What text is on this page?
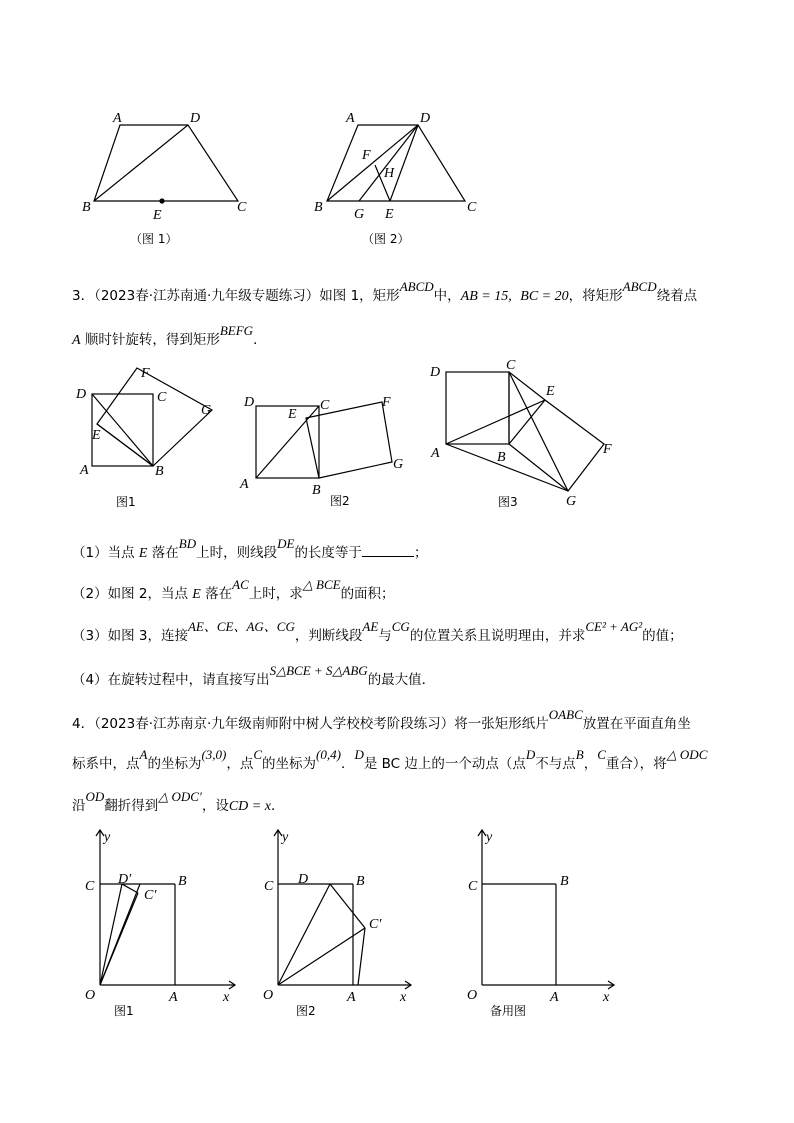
A	D
B
E
C
（图 1）
A	D
F
H
B G E	C
（图 2）
3．（2023春·江苏南通·九年级专题练习）如图 1，矩形ABCD中，AB = 15, BC = 20，将矩形ABCD绕着点
A 顺时针旋转，得到矩形BEFG．
D
F
C
G
E
A	B
图1
D
E
C	F
G
A	B
图2
D	C
E
F
A	B
G
图3
（1）当点 E 落在BD上时，则线段DE的长度等于	；
（2）如图 2，当点 E 落在AC上时，求△ BCE的面积；
（3）如图 3，连接AE、CE、AG、CG，判断线段AE与CG的位置关系且说明理由，并求CE² + AG²的值；
（4）在旋转过程中，请直接写出S△BCE + S△ABG的最大值．
4．（2023春·江苏南京·九年级南师附中树人学校校考阶段练习）将一张矩形纸片OABC放置在平面直角坐
标系中，点A的坐标为(3,0)，点C的坐标为(0,4)．D是 BC 边上的一个动点（点D不与点B，C重合），将△ ODC
沿OD翻折得到△ ODC′，设CD = x．
C D′	B
C′
y
O	A	x
图1
C D	B
C′
y
O	A	x
图2
C	B
y
O	A	x
备用图
